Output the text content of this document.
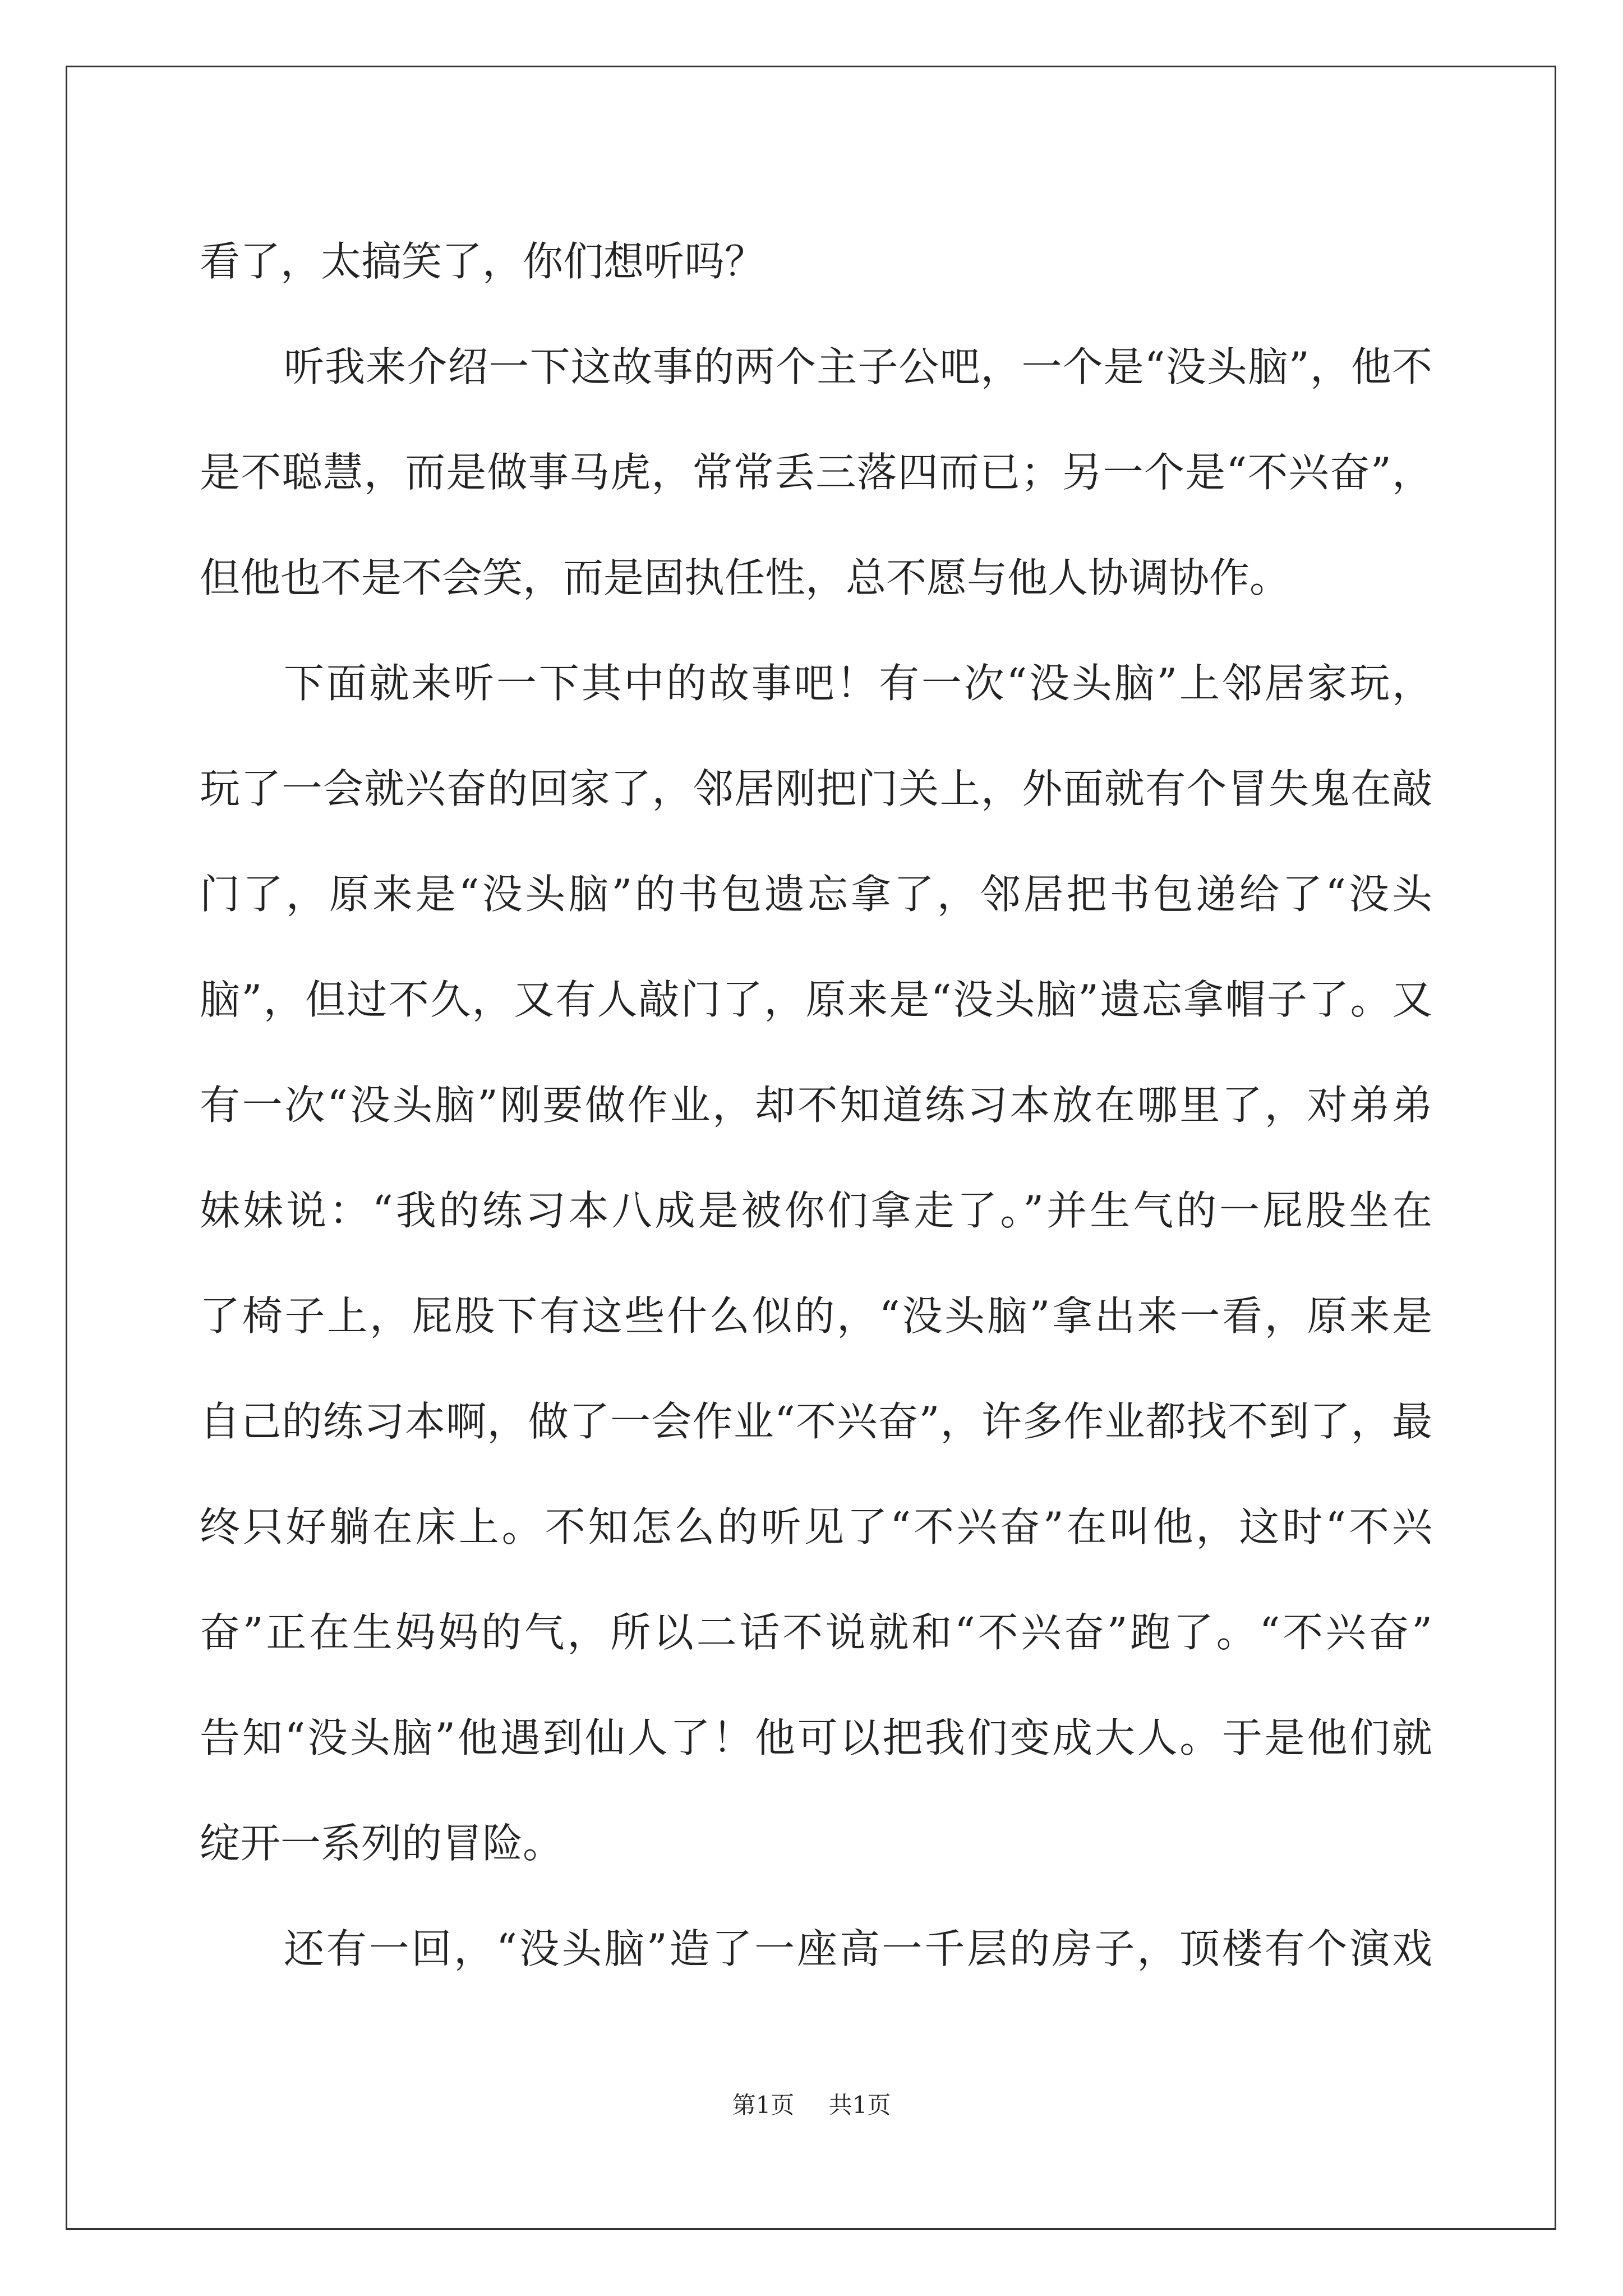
看了，太搞笑了，你们想听吗？
听我来介绍一下这故事的两个主子公吧，一个是“没头脑”，他不
是不聪慧，而是做事马虎，常常丢三落四而已；另一个是“不兴奋”，
但他也不是不会笑，而是固执任性，总不愿与他人协调协作。
下面就来听一下其中的故事吧！有一次“没头脑”上邻居家玩，
玩了一会就兴奋的回家了，邻居刚把门关上，外面就有个冒失鬼在敲
门了，原来是“没头脑”的书包遗忘拿了，邻居把书包递给了“没头
脑”，但过不久，又有人敲门了，原来是“没头脑”遗忘拿帽子了。又
有一次“没头脑”刚要做作业，却不知道练习本放在哪里了，对弟弟
妹妹说：“我的练习本八成是被你们拿走了。”并生气的一屁股坐在
了椅子上，屁股下有这些什么似的，“没头脑”拿出来一看，原来是
自己的练习本啊，做了一会作业“不兴奋”，许多作业都找不到了，最
终只好躺在床上。不知怎么的听见了“不兴奋”在叫他，这时“不兴
奋”正在生妈妈的气，所以二话不说就和“不兴奋”跑了。“不兴奋”
告知“没头脑”他遇到仙人了！他可以把我们变成大人。于是他们就
绽开一系列的冒险。
还有一回，“没头脑”造了一座高一千层的房子，顶楼有个演戏
第1页 共1页
